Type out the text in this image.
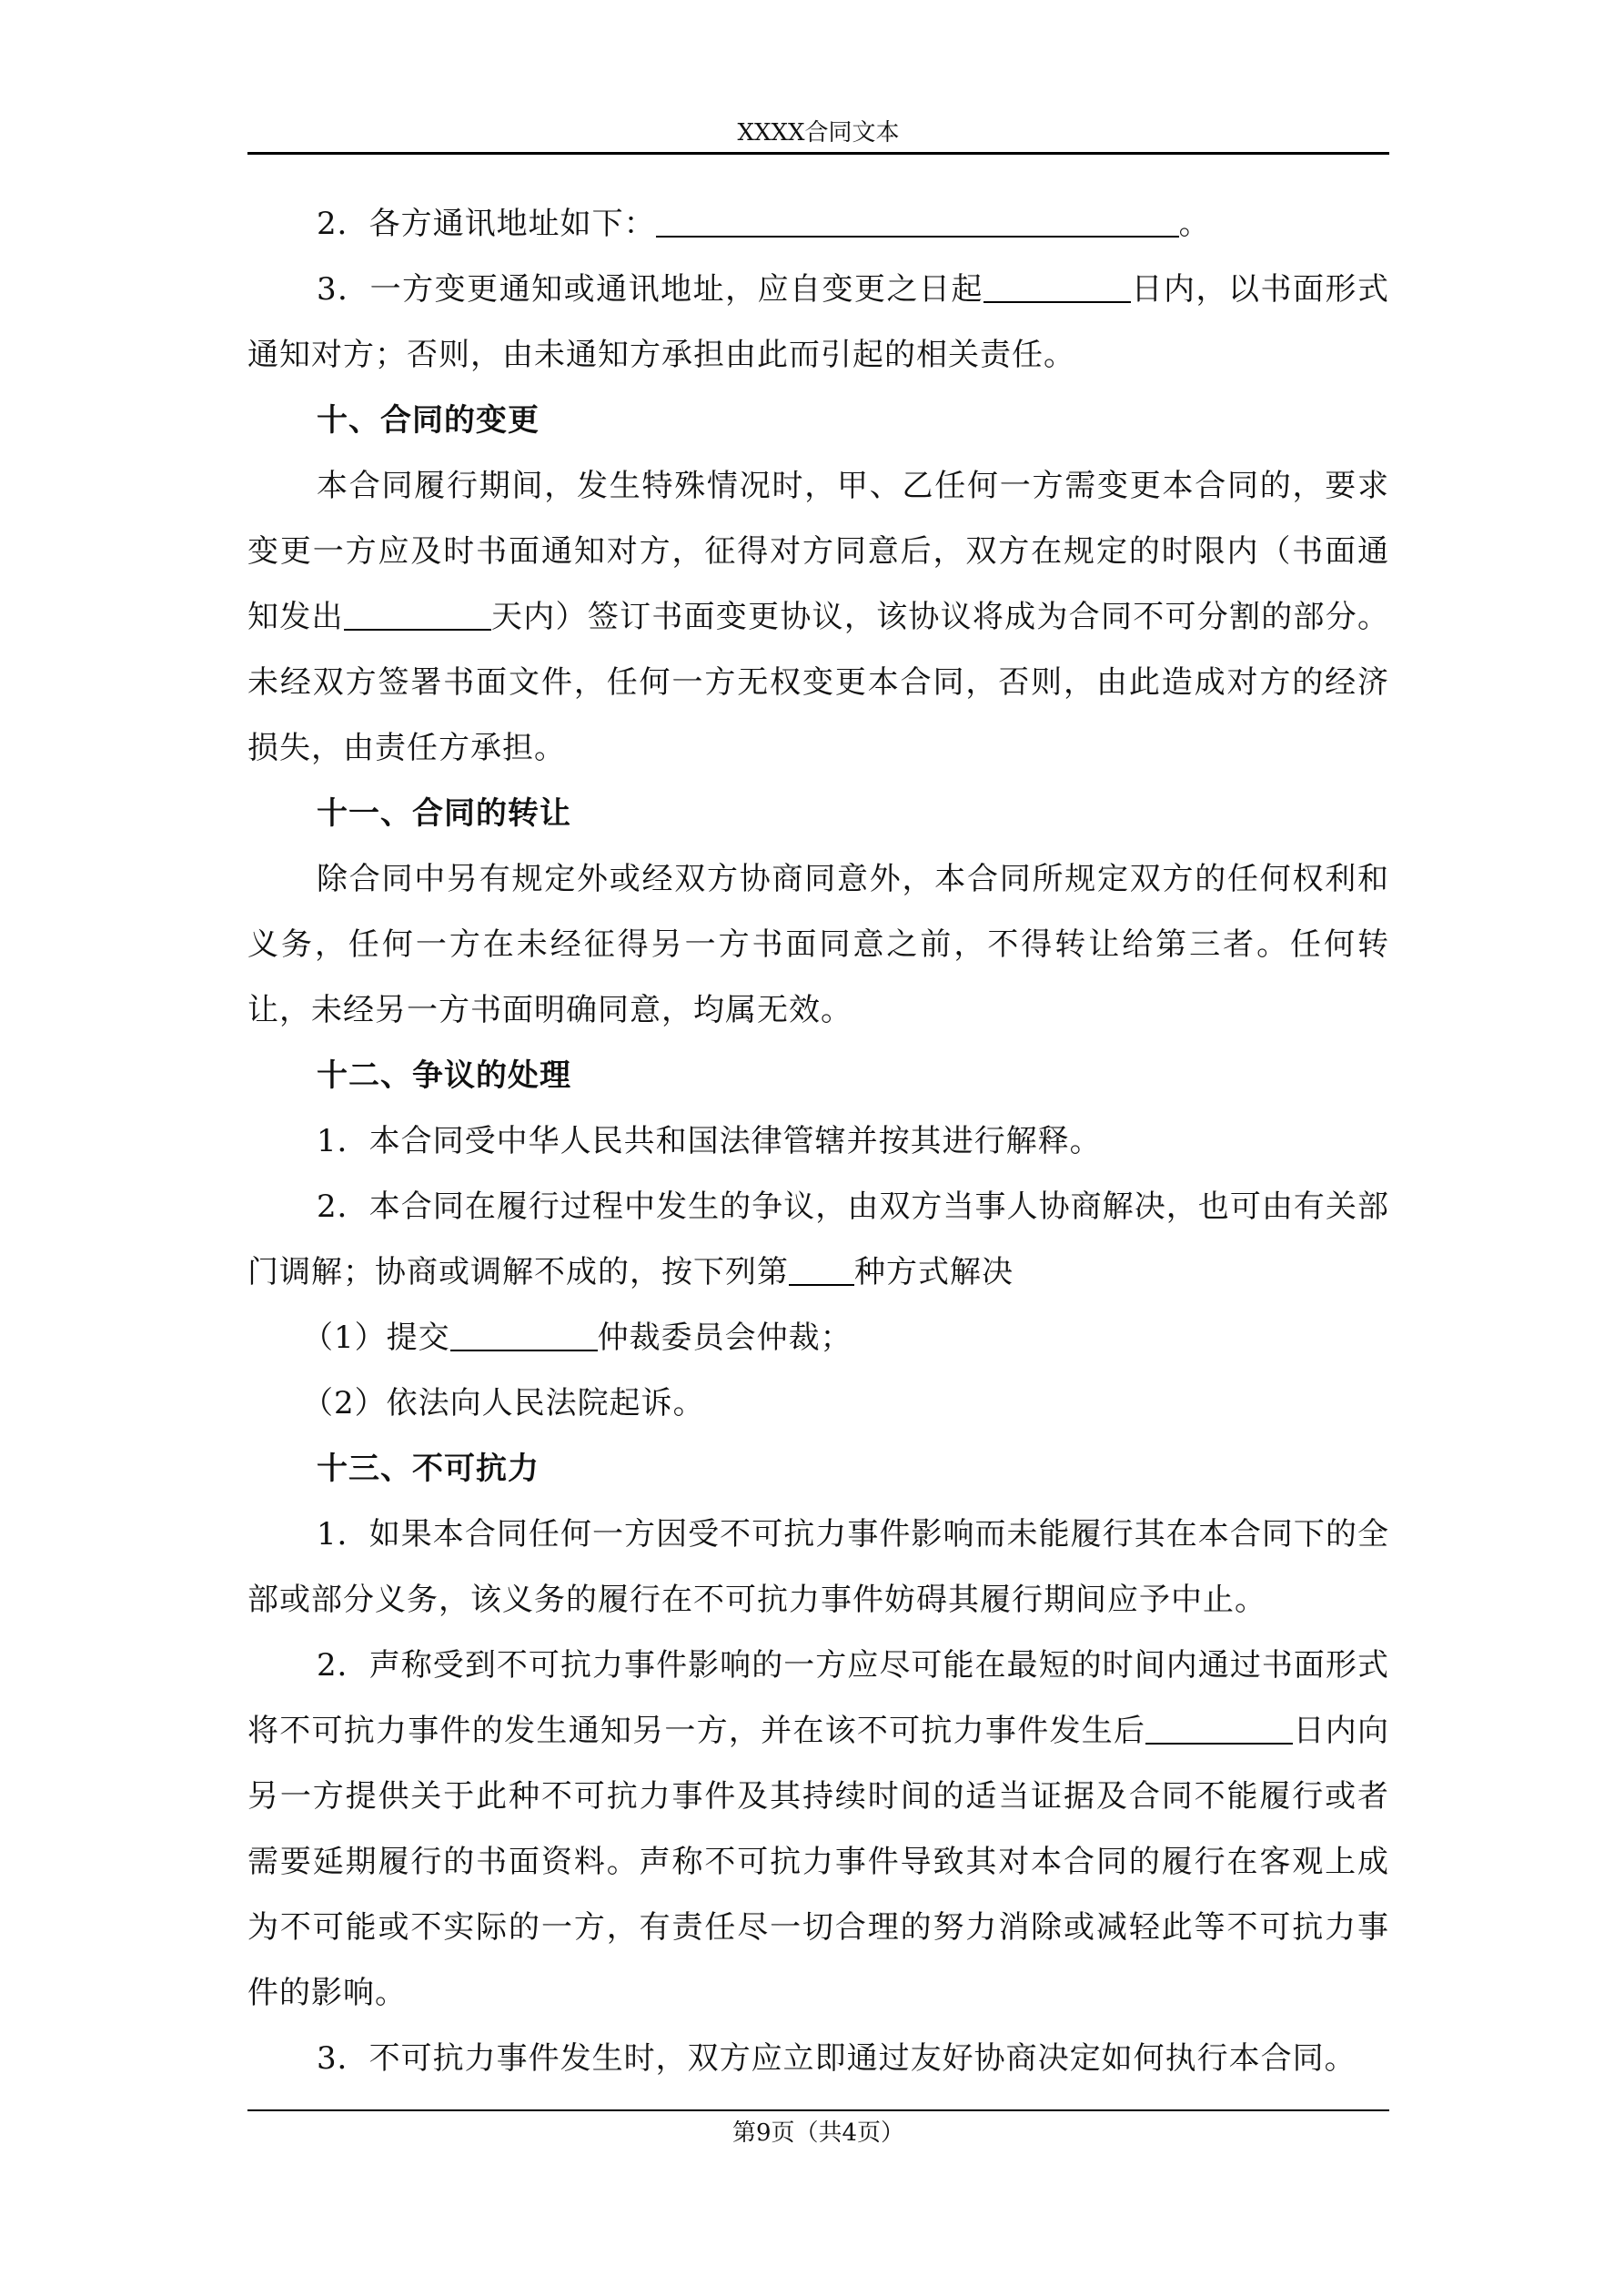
XXXX合同文本

2．各方通讯地址如下：	。

3．一方变更通知或通讯地址，应自变更之日起	日内，以书面形式通知对方；否则，由未通知方承担由此而引起的相关责任。

十、合同的变更

本合同履行期间，发生特殊情况时，甲、乙任何一方需变更本合同的，要求变更一方应及时书面通知对方，征得对方同意后，双方在规定的时限内（书面通知发出	天内）签订书面变更协议，该协议将成为合同不可分割的部分。未经双方签署书面文件，任何一方无权变更本合同，否则，由此造成对方的经济损失，由责任方承担。

十一、合同的转让

除合同中另有规定外或经双方协商同意外，本合同所规定双方的任何权利和义务，任何一方在未经征得另一方书面同意之前，不得转让给第三者。任何转让，未经另一方书面明确同意，均属无效。

十二、争议的处理

1．本合同受中华人民共和国法律管辖并按其进行解释。

2．本合同在履行过程中发生的争议，由双方当事人协商解决，也可由有关部门调解；协商或调解不成的，按下列第 种方式解决

（1）提交	仲裁委员会仲裁；

（2）依法向人民法院起诉。

十三、不可抗力

1．如果本合同任何一方因受不可抗力事件影响而未能履行其在本合同下的全部或部分义务，该义务的履行在不可抗力事件妨碍其履行期间应予中止。

2．声称受到不可抗力事件影响的一方应尽可能在最短的时间内通过书面形式将不可抗力事件的发生通知另一方，并在该不可抗力事件发生后	日内向另一方提供关于此种不可抗力事件及其持续时间的适当证据及合同不能履行或者需要延期履行的书面资料。声称不可抗力事件导致其对本合同的履行在客观上成为不可能或不实际的一方，有责任尽一切合理的努力消除或减轻此等不可抗力事件的影响。

3．不可抗力事件发生时，双方应立即通过友好协商决定如何执行本合同。

第9页（共4页）
